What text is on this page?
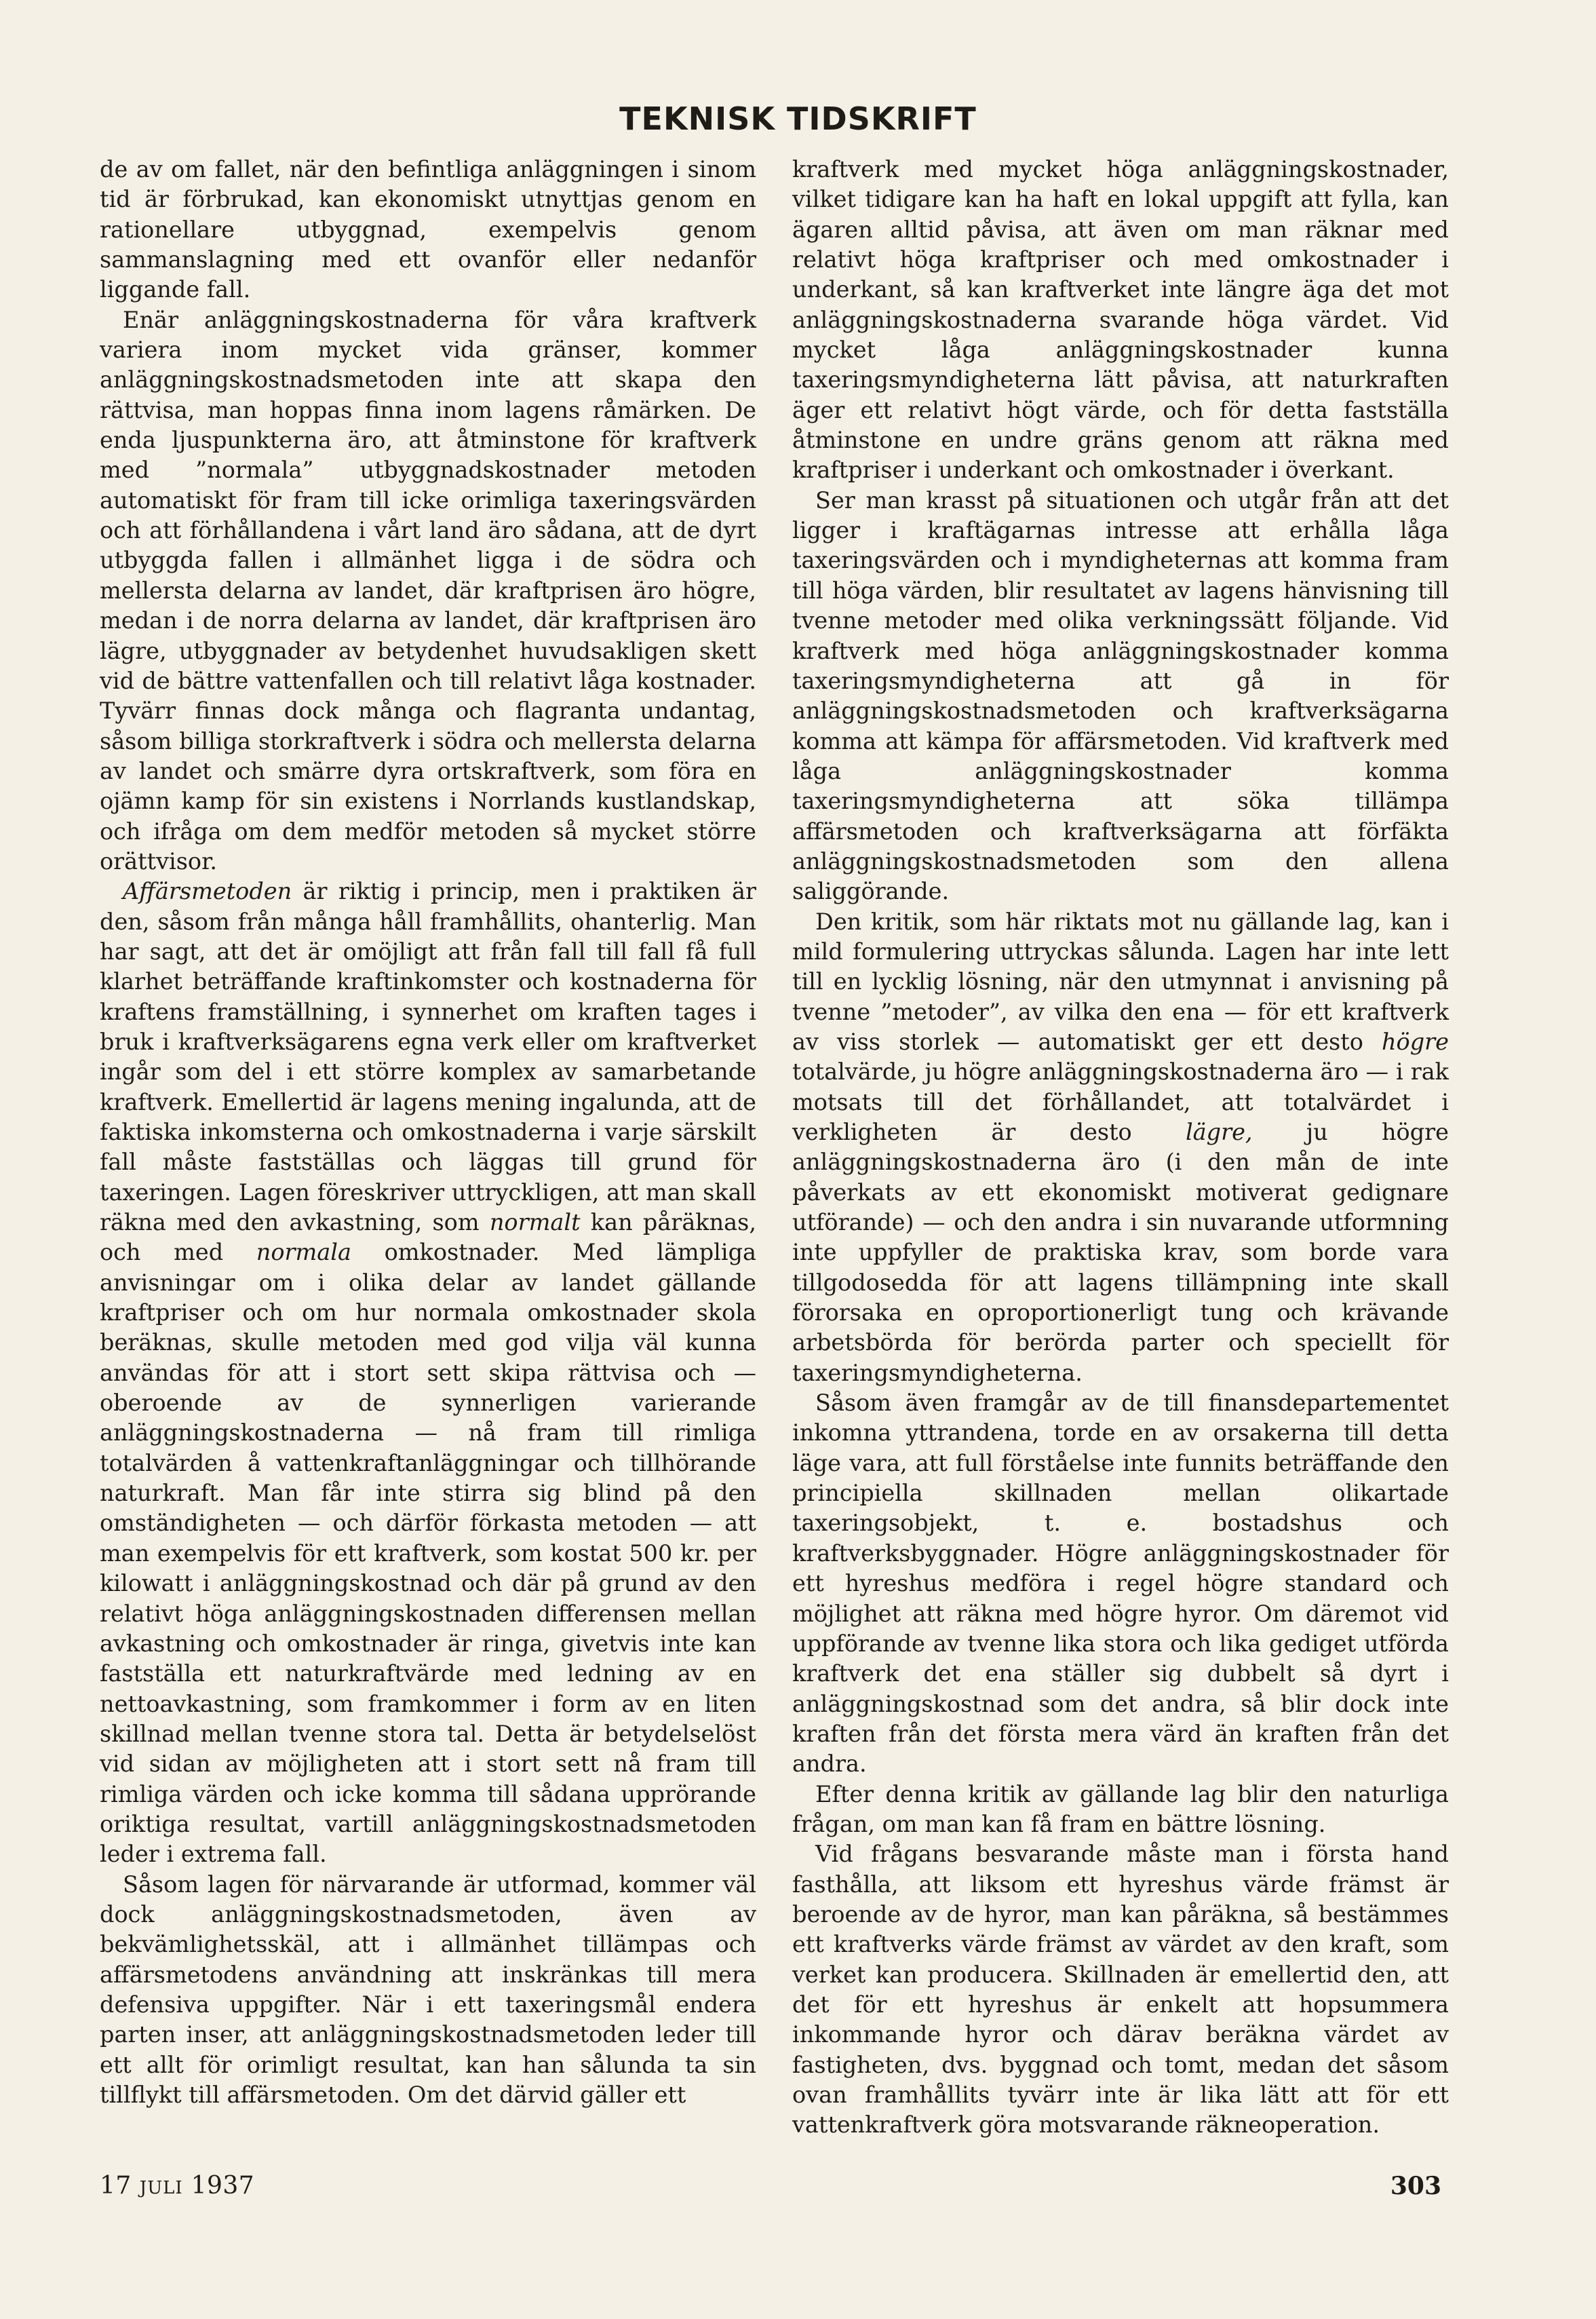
TEKNISK TIDSKRIFT

de av om fallet, när den befintliga anläggningen i sinom tid är förbrukad, kan ekonomiskt utnyttjas genom en rationellare utbyggnad, exempelvis genom sammanslagning med ett ovanför eller nedanför liggande fall.

Enär anläggningskostnaderna för våra kraftverk variera inom mycket vida gränser, kommer anläggningskostnadsmetoden inte att skapa den rättvisa, man hoppas finna inom lagens råmärken. De enda ljuspunkterna äro, att åtminstone för kraftverk med ”normala” utbyggnadskostnader metoden automatiskt för fram till icke orimliga taxeringsvärden och att förhållandena i vårt land äro sådana, att de dyrt utbyggda fallen i allmänhet ligga i de södra och mellersta delarna av landet, där kraftprisen äro högre, medan i de norra delarna av landet, där kraftprisen äro lägre, utbyggnader av betydenhet huvudsakligen skett vid de bättre vattenfallen och till relativt låga kostnader. Tyvärr finnas dock många och flagranta undantag, såsom billiga storkraftverk i södra och mellersta delarna av landet och smärre dyra ortskraftverk, som föra en ojämn kamp för sin existens i Norrlands kustlandskap, och ifråga om dem medför metoden så mycket större orättvisor.

Affärsmetoden är riktig i princip, men i praktiken är den, såsom från många håll framhållits, ohanterlig. Man har sagt, att det är omöjligt att från fall till fall få full klarhet beträffande kraftinkomster och kostnaderna för kraftens framställning, i synnerhet om kraften tages i bruk i kraftverksägarens egna verk eller om kraftverket ingår som del i ett större komplex av samarbetande kraftverk. Emellertid är lagens mening ingalunda, att de faktiska inkomsterna och omkostnaderna i varje särskilt fall måste fastställas och läggas till grund för taxeringen. Lagen föreskriver uttryckligen, att man skall räkna med den avkastning, som normalt kan påräknas, och med normala omkostnader. Med lämpliga anvisningar om i olika delar av landet gällande kraftpriser och om hur normala omkostnader skola beräknas, skulle metoden med god vilja väl kunna användas för att i stort sett skipa rättvisa och — oberoende av de synnerligen varierande anläggningskostnaderna — nå fram till rimliga totalvärden å vattenkraftanläggningar och tillhörande naturkraft. Man får inte stirra sig blind på den omständigheten — och därför förkasta metoden — att man exempelvis för ett kraftverk, som kostat 500 kr. per kilowatt i anläggningskostnad och där på grund av den relativt höga anläggningskostnaden differensen mellan avkastning och omkostnader är ringa, givetvis inte kan fastställa ett naturkraftvärde med ledning av en nettoavkastning, som framkommer i form av en liten skillnad mellan tvenne stora tal. Detta är betydelselöst vid sidan av möjligheten att i stort sett nå fram till rimliga värden och icke komma till sådana upprörande oriktiga resultat, vartill anläggningskostnadsmetoden leder i extrema fall.

Såsom lagen för närvarande är utformad, kommer väl dock anläggningskostnadsmetoden, även av bekvämlighetsskäl, att i allmänhet tillämpas och affärsmetodens användning att inskränkas till mera defensiva uppgifter. När i ett taxeringsmål endera parten inser, att anläggningskostnadsmetoden leder till ett allt för orimligt resultat, kan han sålunda ta sin tillflykt till affärsmetoden. Om det därvid gäller ett

kraftverk med mycket höga anläggningskostnader, vilket tidigare kan ha haft en lokal uppgift att fylla, kan ägaren alltid påvisa, att även om man räknar med relativt höga kraftpriser och med omkostnader i underkant, så kan kraftverket inte längre äga det mot anläggningskostnaderna svarande höga värdet. Vid mycket låga anläggningskostnader kunna taxeringsmyndigheterna lätt påvisa, att naturkraften äger ett relativt högt värde, och för detta fastställa åtminstone en undre gräns genom att räkna med kraftpriser i underkant och omkostnader i överkant.

Ser man krasst på situationen och utgår från att det ligger i kraftägarnas intresse att erhålla låga taxeringsvärden och i myndigheternas att komma fram till höga värden, blir resultatet av lagens hänvisning till tvenne metoder med olika verkningssätt följande. Vid kraftverk med höga anläggningskostnader komma taxeringsmyndigheterna att gå in för anläggningskostnadsmetoden och kraftverksägarna komma att kämpa för affärsmetoden. Vid kraftverk med låga anläggningskostnader komma taxeringsmyndigheterna att söka tillämpa affärsmetoden och kraftverksägarna att förfäkta anläggningskostnadsmetoden som den allena saliggörande.

Den kritik, som här riktats mot nu gällande lag, kan i mild formulering uttryckas sålunda. Lagen har inte lett till en lycklig lösning, när den utmynnat i anvisning på tvenne ”metoder”, av vilka den ena — för ett kraftverk av viss storlek — automatiskt ger ett desto högre totalvärde, ju högre anläggningskostnaderna äro — i rak motsats till det förhållandet, att totalvärdet i verkligheten är desto lägre, ju högre anläggningskostnaderna äro (i den mån de inte påverkats av ett ekonomiskt motiverat gedignare utförande) — och den andra i sin nuvarande utformning inte uppfyller de praktiska krav, som borde vara tillgodosedda för att lagens tillämpning inte skall förorsaka en oproportionerligt tung och krävande arbetsbörda för berörda parter och speciellt för taxeringsmyndigheterna.

Såsom även framgår av de till finansdepartementet inkomna yttrandena, torde en av orsakerna till detta läge vara, att full förståelse inte funnits beträffande den principiella skillnaden mellan olikartade taxeringsobjekt, t. e. bostadshus och kraftverksbyggnader. Högre anläggningskostnader för ett hyreshus medföra i regel högre standard och möjlighet att räkna med högre hyror. Om däremot vid uppförande av tvenne lika stora och lika gediget utförda kraftverk det ena ställer sig dubbelt så dyrt i anläggningskostnad som det andra, så blir dock inte kraften från det första mera värd än kraften från det andra.

Efter denna kritik av gällande lag blir den naturliga frågan, om man kan få fram en bättre lösning.

Vid frågans besvarande måste man i första hand fasthålla, att liksom ett hyreshus värde främst är beroende av de hyror, man kan påräkna, så bestämmes ett kraftverks värde främst av värdet av den kraft, som verket kan producera. Skillnaden är emellertid den, att det för ett hyreshus är enkelt att hopsummera inkommande hyror och därav beräkna värdet av fastigheten, dvs. byggnad och tomt, medan det såsom ovan framhållits tyvärr inte är lika lätt att för ett vattenkraftverk göra motsvarande räkneoperation.

17 JULI 1937	303
